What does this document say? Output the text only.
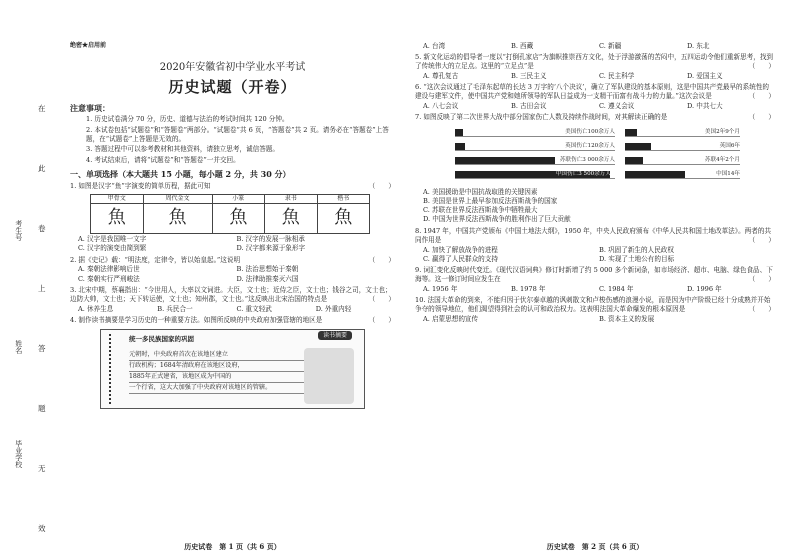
在
此
卷
上
答
题
无
效
考生号
姓名
毕业学校
绝密★启用前
2020年安徽省初中学业水平考试
历史试题（开卷）
注意事项：
1. 历史试卷满分 70 分，历史、道德与法治的考试时间共 120 分钟。
2. 本试卷包括“试题卷”和“答题卷”两部分。“试题卷”共 6 页，“答题卷”共 2 页。请务必在“答题卷”上答题，在“试题卷”上答题是无效的。
3. 答题过程中可以参考教材和其他资料，请独立思考，诚信答题。
4. 考试结束后，请将“试题卷”和“答题卷”一并交回。
一、单项选择（本大题共 15 小题，每小题 2 分，共 30 分）
（　　）
1. 如图是汉字“鱼”字演变的简单历程，据此可知
甲骨文	周代金文	小篆	隶书	楷书
魚	魚	魚	魚	魚
A. 汉字是我国唯一文字	B. 汉字的发展一脉相承
C. 汉字的演变由简到繁	D. 汉字都来源于象形字
（　　）
2. 据《史记》载：“明法度，定律令，皆以始皇起。”这说明
A. 秦朝法律影响后世	B. 法治思想始于秦朝
C. 秦朝实行严刑峻法	D. 法律助推秦灭六国
3. 北宋中期，蔡襄指出：“今世用人，大率以文词进。大臣，文士也；近侍之臣，文士也；钱谷之司，文士也；边防大帅，文士也；天下转运使，文士也；知州郡，文士也。”这反映出北宋治国的特点是	（　　）
A. 休养生息	B. 兵民合一	C. 重文轻武	D. 外重内轻
4. 制作读书摘要是学习历史的一种重要方法。如图所反映的中央政府加强管辖的地区是	（　　）
统一多民族国家的巩固	读书摘要
元朝时，中央政府首次在该地区建立
行政机构；1684年清政府在该地区设府，
1885年正式建省，该地区成为中国的
一个行省，这大大加强了中央政府对该地区的管辖。
历史试卷　第 1 页（共 6 页）
A. 台湾	B. 西藏	C. 新疆	D. 东北
5. 新文化运动的倡导者一度以“打倒孔家店”为旗帜推崇西方文化，处于浮游激荡的苦闷中，五四运动令他们重新思考，找到了传统伟大的立足点。这里的“立足点”是	（　　）
A. 尊孔复古	B. 三民主义	C. 民主科学	D. 爱国主义
6. “这次会议通过了毛泽东起草的长达 3 万字的‘八个决议’，确立了军队建设的基本原则，这是中国共产党最早的系统性的建设与建军文件，使中国共产党和她所领导的军队日益成为一支精干而富有战斗力的力量。”这次会议是	（　　）
A. 八七会议	B. 古田会议	C. 遵义会议	D. 中共七大
7. 如图反映了第二次世界大战中部分国家伤亡人数及持续作战时间，对其解读正确的是	（　　）
美国伤亡100余万人
英国伤亡120余万人
苏联伤亡3 000余万人
中国伤亡3 500余万人
美国2年9个月
英国6年
苏联4年2个月
中国14年
A. 美国援助是中国抗战取胜的关键因素
B. 美国是世界上最早参加反法西斯战争的国家
C. 苏联在世界反法西斯战争中牺牲最大
D. 中国为世界反法西斯战争的胜利作出了巨大贡献
8. 1947 年，中国共产党颁布《中国土地法大纲》，1950 年，中央人民政府颁布《中华人民共和国土地改革法》。两者的共同作用是	（　　）
A. 加快了解放战争的进程	B. 巩固了新生的人民政权
C. 赢得了人民群众的支持	D. 实现了土地公有的目标
9. 词汇变化反映时代变迁。《现代汉语词典》修订时新增了约 5 000 多个新词条，如市场经济、超市、电脑、绿色食品、下海等。这一修订时间应发生在	（　　）
A. 1956 年	B. 1978 年	C. 1984 年	D. 1996 年
10. 法国大革命的到来，不能归因于伏尔泰卓越的讽刺散文和卢梭伤感的浪漫小说，而是因为中产阶级已经十分成熟并开始争夺的领导地位，他们渴望得到社会的认可和政治权力。这表明法国大革命爆发的根本原因是	（　　）
A. 启蒙思想的宣传	B. 资本主义的发展
历史试卷　第 2 页（共 6 页）
